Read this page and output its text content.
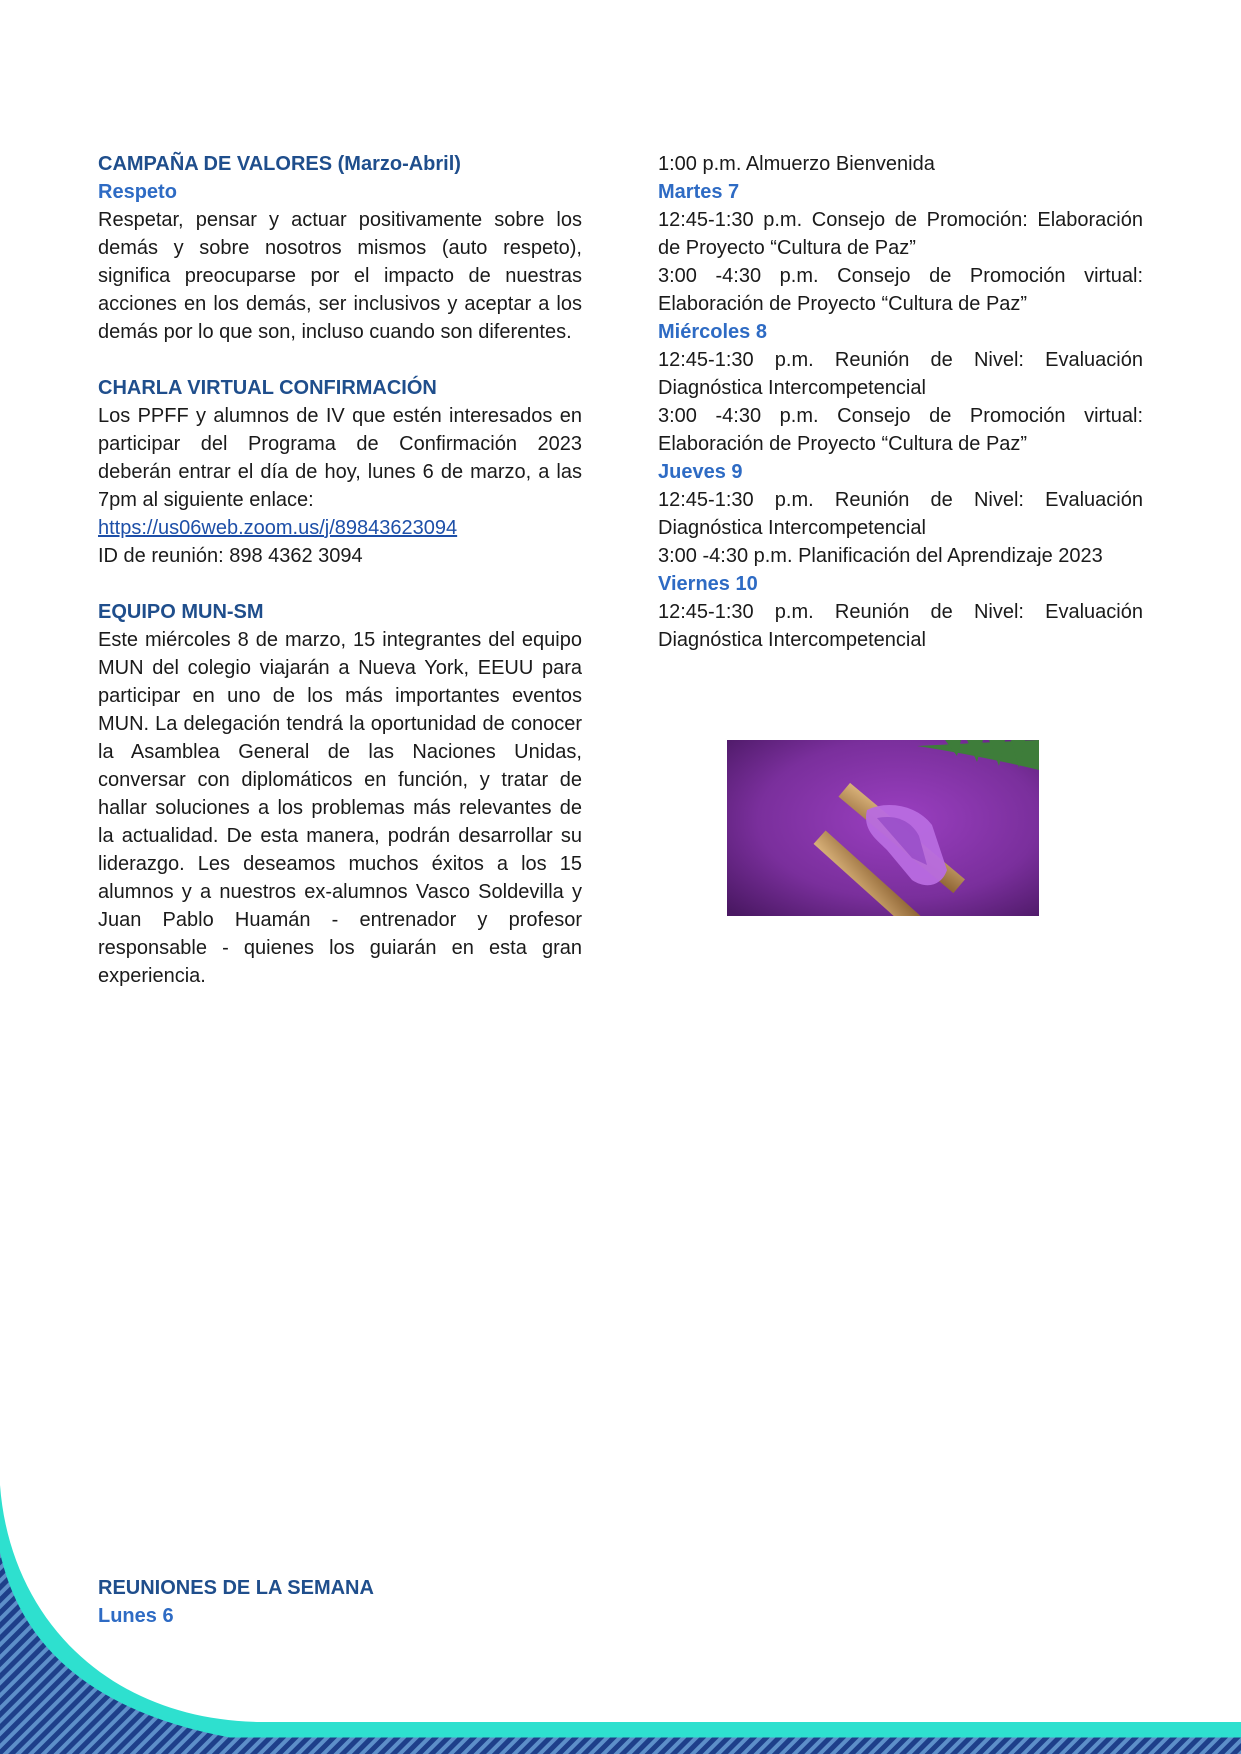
CAMPAÑA DE VALORES (Marzo-Abril)
Respeto
Respetar, pensar y actuar positivamente sobre los demás y sobre nosotros mismos (auto respeto), significa preocuparse por el impacto de nuestras acciones en los demás, ser inclusivos y aceptar a los demás por lo que son, incluso cuando son diferentes.
CHARLA VIRTUAL CONFIRMACIÓN
Los PPFF y alumnos de IV que estén interesados en participar del Programa de Confirmación 2023 deberán entrar el día de hoy, lunes 6 de marzo, a las 7pm al siguiente enlace:
https://us06web.zoom.us/j/89843623094
ID de reunión: 898 4362 3094
EQUIPO MUN-SM
Este miércoles 8 de marzo, 15 integrantes del equipo MUN del colegio viajarán a Nueva York, EEUU para participar en uno de los más importantes eventos MUN. La delegación tendrá la oportunidad de conocer la Asamblea General de las Naciones Unidas, conversar con diplomáticos en función, y tratar de hallar soluciones a los problemas más relevantes de la actualidad. De esta manera, podrán desarrollar su liderazgo. Les deseamos muchos éxitos a los 15 alumnos y a nuestros ex-alumnos Vasco Soldevilla y Juan Pablo Huamán - entrenador y profesor responsable - quienes los guiarán en esta gran experiencia.
1:00 p.m. Almuerzo Bienvenida
Martes 7
12:45-1:30 p.m. Consejo de Promoción: Elaboración de Proyecto “Cultura de Paz”
3:00 -4:30 p.m. Consejo de Promoción virtual: Elaboración de Proyecto “Cultura de Paz”
Miércoles 8
12:45-1:30 p.m. Reunión de Nivel: Evaluación Diagnóstica Intercompetencial
3:00 -4:30 p.m. Consejo de Promoción virtual: Elaboración de Proyecto “Cultura de Paz”
Jueves 9
12:45-1:30 p.m. Reunión de Nivel: Evaluación Diagnóstica Intercompetencial
3:00 -4:30 p.m. Planificación del Aprendizaje 2023
Viernes 10
12:45-1:30 p.m. Reunión de Nivel: Evaluación Diagnóstica Intercompetencial
REUNIONES DE LA SEMANA
Lunes 6
